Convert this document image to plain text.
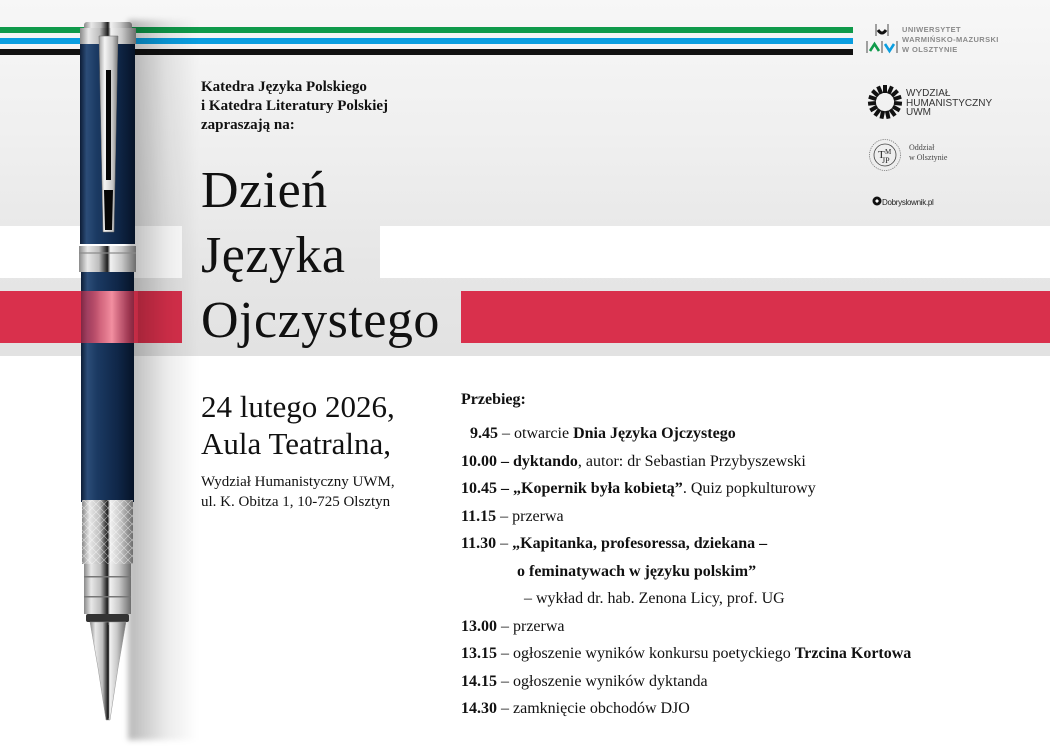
Katedra Języka Polskiego
i Katedra Literatury Polskiej
zapraszają na:
Dzień
Języka
Ojczystego
24 lutego 2026,
Aula Teatralna,
Wydział Humanistyczny UWM,
ul. K. Obitza 1, 10-725 Olsztyn
Przebieg:
9.45 – otwarcie Dnia Języka Ojczystego
10.00 – dyktando, autor: dr Sebastian Przybyszewski
10.45 – „Kopernik była kobietą”. Quiz popkulturowy
11.15 – przerwa
11.30 – „Kapitanka, profesoressa, dziekana –
o feminatywach w języku polskim”
– wykład dr. hab. Zenona Licy, prof. UG
13.00 – przerwa
13.15 – ogłoszenie wyników konkursu poetyckiego Trzcina Kortowa
14.15 – ogłoszenie wyników dyktanda
14.30 – zamknięcie obchodów DJO
UNIWERSYTET
WARMIŃSKO-MAZURSKI
W OLSZTYNIE
WYDZIAŁ
HUMANISTYCZNY
UWM
T M
JP
Oddział
w Olsztynie
Dobryslownik.pl
